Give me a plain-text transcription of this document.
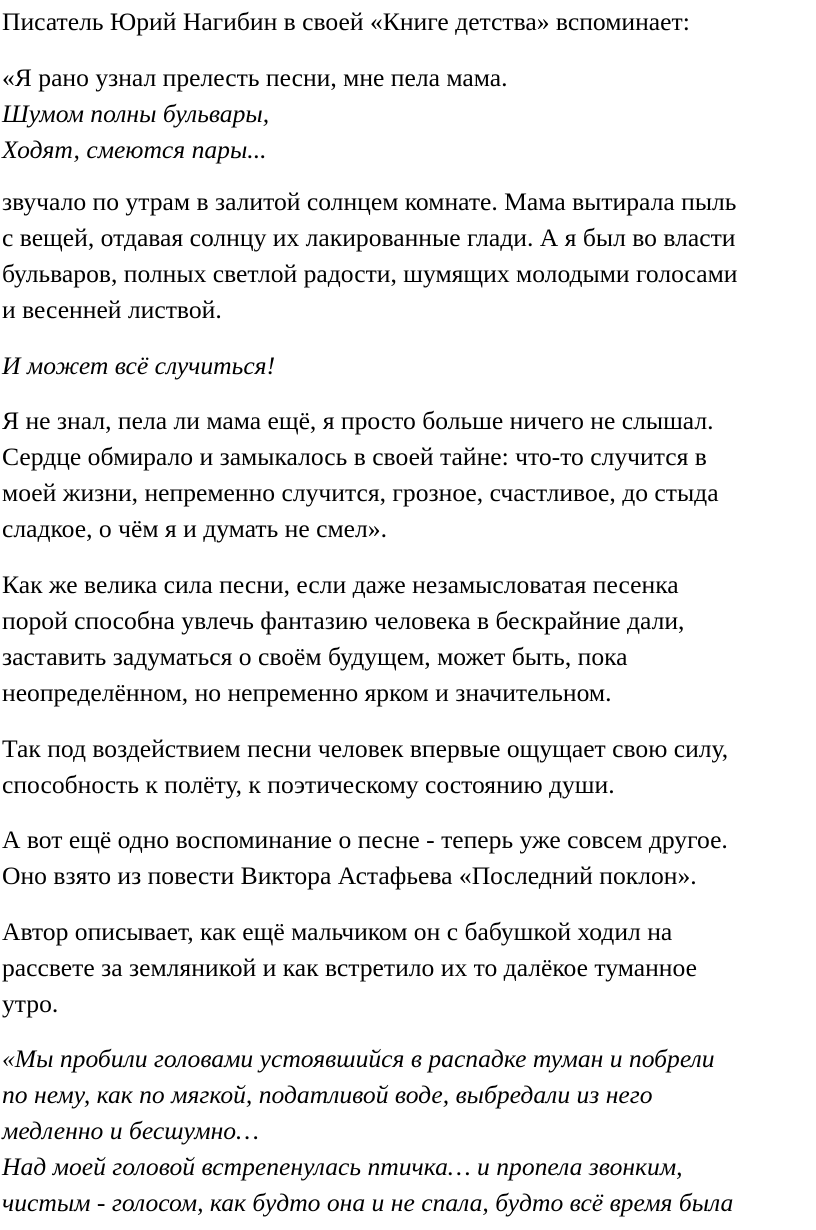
Писатель Юрий Нагибин в своей «Книге детства» вспоминает:

«Я рано узнал прелесть песни, мне пела мама.
Шумом полны бульвары,
Ходят, смеются пары...

звучало по утрам в залитой солнцем комнате. Мама вытирала пыль
с вещей, отдавая солнцу их лакированные глади. А я был во власти
бульваров, полных светлой радости, шумящих молодыми голосами
и весенней листвой.

И может всё случиться!

Я не знал, пела ли мама ещё, я просто больше ничего не слышал.
Сердце обмирало и замыкалось в своей тайне: что-то случится в
моей жизни, непременно случится, грозное, счастливое, до стыда
сладкое, о чём я и думать не смел».

Как же велика сила песни, если даже незамысловатая песенка
порой способна увлечь фантазию человека в бескрайние дали,
заставить задуматься о своём будущем, может быть, пока
неопределённом, но непременно ярком и значительном.

Так под воздействием песни человек впервые ощущает свою силу,
способность к полёту, к поэтическому состоянию души.

А вот ещё одно воспоминание о песне - теперь уже совсем другое.
Оно взято из повести Виктора Астафьева «Последний поклон».

Автор описывает, как ещё мальчиком он с бабушкой ходил на
рассвете за земляникой и как встретило их то далёкое туманное
утро.

«Мы пробили головами устоявшийся в распадке туман и побрели
по нему, как по мягкой, податливой воде, выбредали из него
медленно и бесшумно…
Над моей головой встрепенулась птичка… и пропела звонким,
чистым - голосом, как будто она и не спала, будто всё время была
